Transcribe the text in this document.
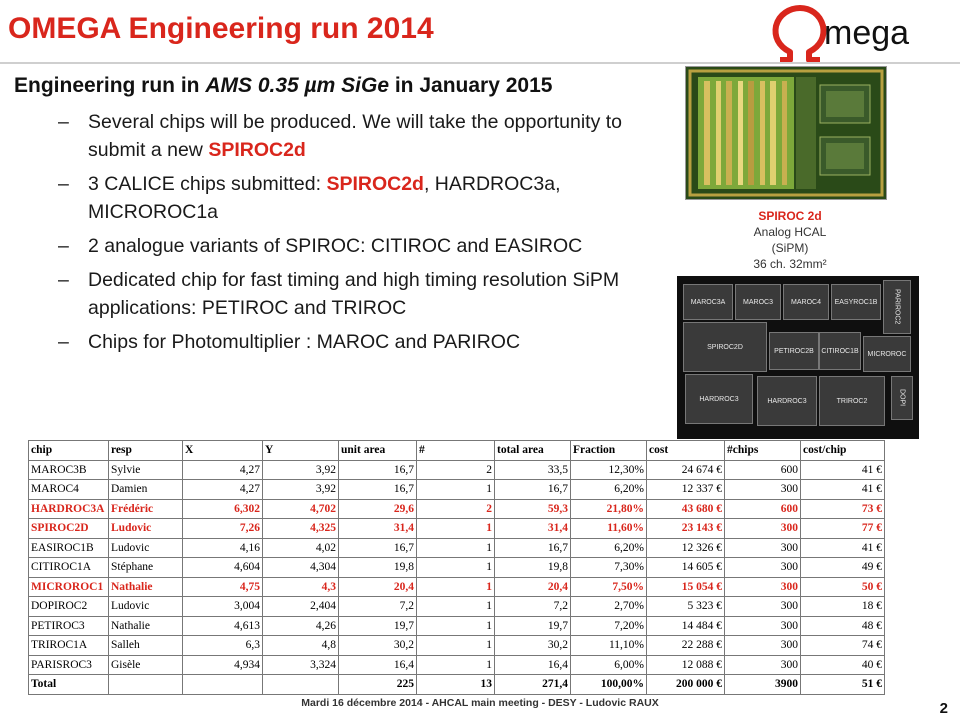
OMEGA Engineering run 2014	mega
Engineering run in AMS 0.35 µm SiGe in January 2015
– Several chips will be produced. We will take the opportunity to submit a new SPIROC2d
– 3 CALICE chips submitted: SPIROC2d, HARDROC3a, MICROROC1a
– 2 analogue variants of SPIROC: CITIROC and EASIROC
– Dedicated chip for fast timing and high timing resolution SiPM applications: PETIROC and TRIROC
– Chips for Photomultiplier : MAROC and PARIROC
SPIROC 2d
Analog HCAL
(SiPM)
36 ch. 32mm²
MAROC3A	MAROC3	MAROC4	EASYROC1B	PARIROC2
SPIROC2D
PETIROC2B	CITIROC1B	MICROROC
HARDROC3	HARDROC3	TRIROC2	DOPI
chip	resp	X	Y	unit area	#	total area	Fraction	cost	#chips	cost/chip
MAROC3B	Sylvie	4,27	3,92	16,7	2	33,5	12,30%	24 674 €	600	41 €
MAROC4	Damien	4,27	3,92	16,7	1	16,7	6,20%	12 337 €	300	41 €
HARDROC3A	Frédéric	6,302	4,702	29,6	2	59,3	21,80%	43 680 €	600	73 €
SPIROC2D	Ludovic	7,26	4,325	31,4	1	31,4	11,60%	23 143 €	300	77 €
EASIROC1B	Ludovic	4,16	4,02	16,7	1	16,7	6,20%	12 326 €	300	41 €
CITIROC1A	Stéphane	4,604	4,304	19,8	1	19,8	7,30%	14 605 €	300	49 €
MICROROC1	Nathalie	4,75	4,3	20,4	1	20,4	7,50%	15 054 €	300	50 €
DOPIROC2	Ludovic	3,004	2,404	7,2	1	7,2	2,70%	5 323 €	300	18 €
PETIROC3	Nathalie	4,613	4,26	19,7	1	19,7	7,20%	14 484 €	300	48 €
TRIROC1A	Salleh	6,3	4,8	30,2	1	30,2	11,10%	22 288 €	300	74 €
PARISROC3	Gisèle	4,934	3,324	16,4	1	16,4	6,00%	12 088 €	300	40 €
Total				225	13	271,4	100,00%	200 000 €	3900	51 €
Mardi 16 décembre 2014 - AHCAL main meeting - DESY - Ludovic RAUX	2
